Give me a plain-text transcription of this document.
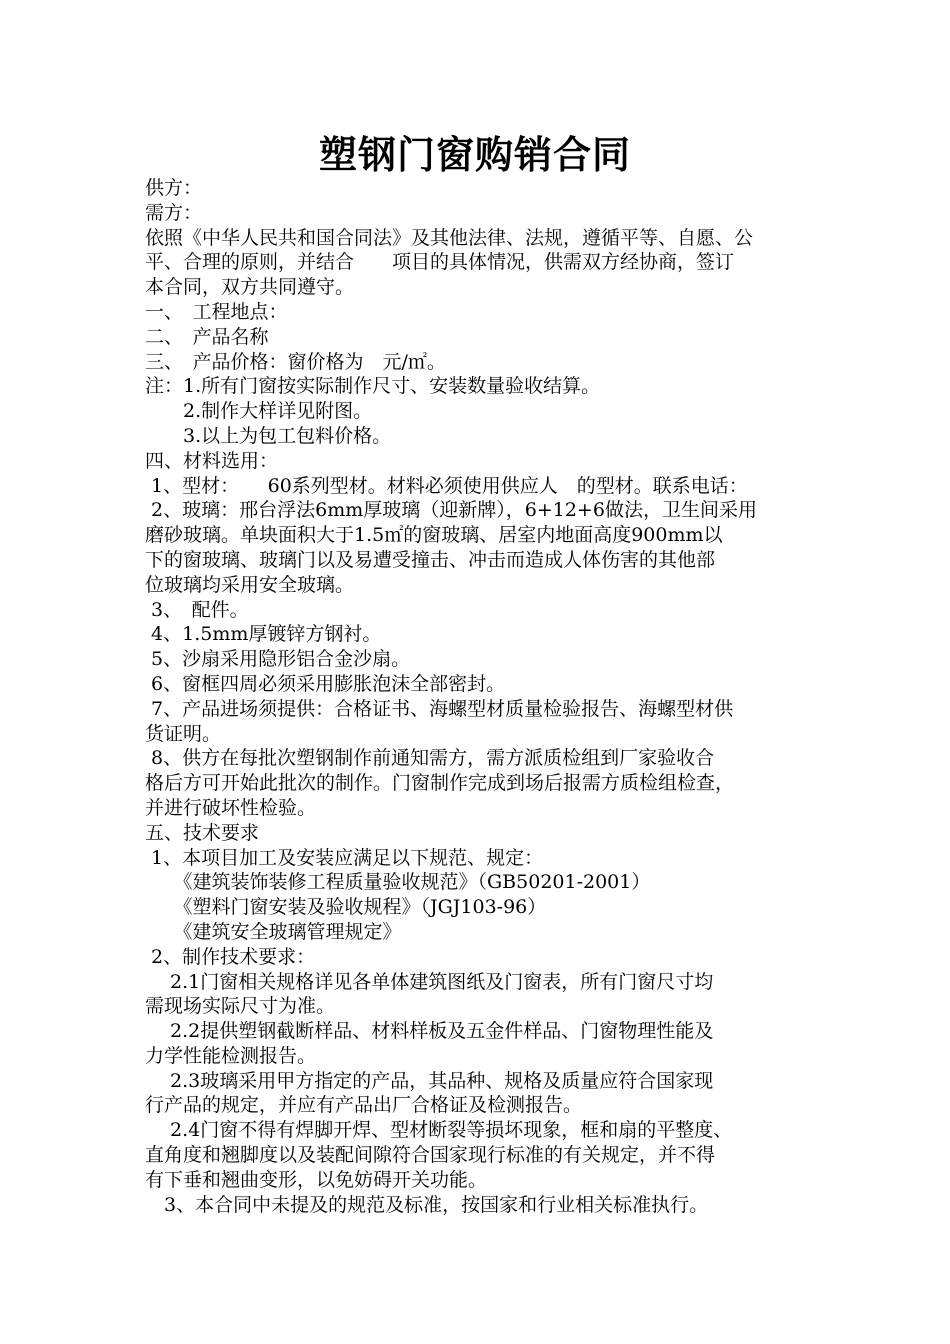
塑钢门窗购销合同
供方：
需方：
依照《中华人民共和国合同法》及其他法律、法规，遵循平等、自愿、公
平、合理的原则，并结合　　项目的具体情况，供需双方经协商，签订
本合同，双方共同遵守。
一、　工程地点：
二、　产品名称
三、　产品价格：窗价格为　元/㎡。
注：1.所有门窗按实际制作尺寸、安装数量验收结算。
　　2.制作大样详见附图。
　　3.以上为包工包料价格。
四、材料选用：
1、型材：　　60系列型材。材料必须使用供应人　的型材。联系电话：
2、玻璃：邢台浮法6mm厚玻璃（迎新牌），6+12+6做法，卫生间采用
磨砂玻璃。单块面积大于1.5㎡的窗玻璃、居室内地面高度900mm以
下的窗玻璃、玻璃门以及易遭受撞击、冲击而造成人体伤害的其他部
位玻璃均采用安全玻璃。
3、　配件。
4、1.5mm厚镀锌方钢衬。
5、沙扇采用隐形铝合金沙扇。
6、窗框四周必须采用膨胀泡沫全部密封。
7、产品进场须提供：合格证书、海螺型材质量检验报告、海螺型材供
货证明。
8、供方在每批次塑钢制作前通知需方，需方派质检组到厂家验收合
格后方可开始此批次的制作。门窗制作完成到场后报需方质检组检查，
并进行破坏性检验。
五、技术要求
1、本项目加工及安装应满足以下规范、规定：
　　《建筑装饰装修工程质量验收规范》（GB50201-2001）
　　《塑料门窗安装及验收规程》（JGJ103-96）
　　《建筑安全玻璃管理规定》
2、制作技术要求：
　 2.1门窗相关规格详见各单体建筑图纸及门窗表，所有门窗尺寸均
需现场实际尺寸为准。
　 2.2提供塑钢截断样品、材料样板及五金件样品、门窗物理性能及
力学性能检测报告。
　 2.3玻璃采用甲方指定的产品，其品种、规格及质量应符合国家现
行产品的规定，并应有产品出厂合格证及检测报告。
　 2.4门窗不得有焊脚开焊、型材断裂等损坏现象，框和扇的平整度、
直角度和翘脚度以及装配间隙符合国家现行标准的有关规定，并不得
有下垂和翘曲变形，以免妨碍开关功能。
　3、本合同中未提及的规范及标准，按国家和行业相关标准执行。
